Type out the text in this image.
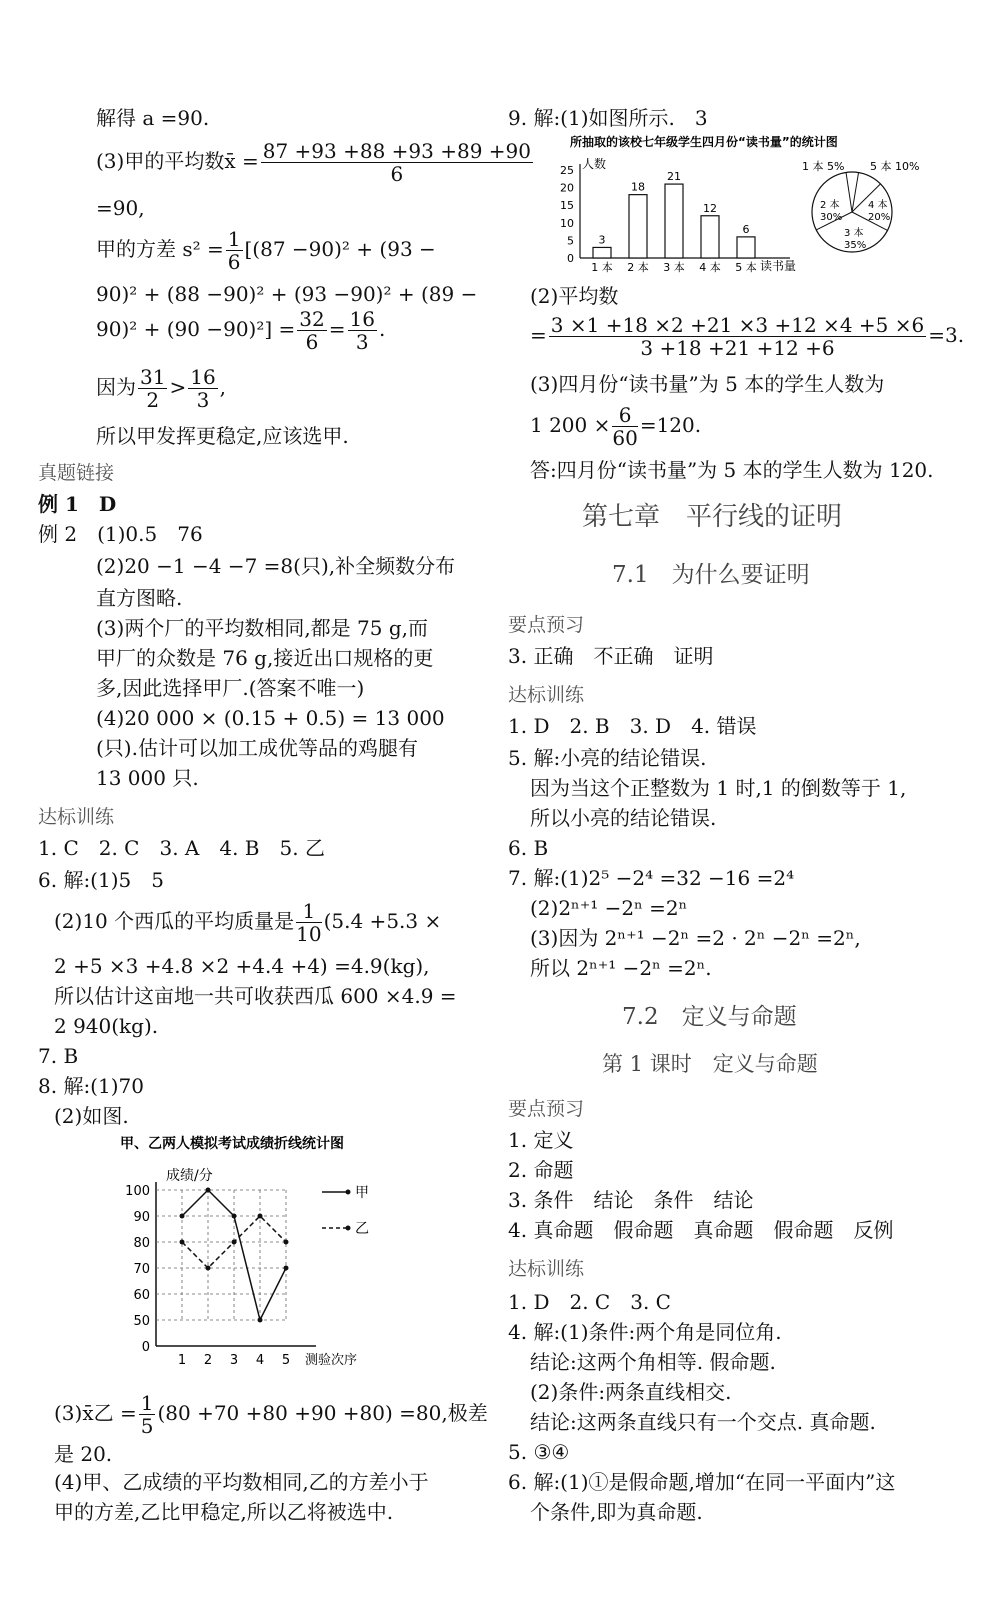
解得 a =90.
(3)甲的平均数x̄ = $\frac{87 +93 +88 +93 +89 +90}{6}$
=90,
甲的方差 $s^2 = \frac{1}{6} [(87 -90)^2 + (93$ −
90)² + (88 −90)² + (93 −90)² + (89 −
$90)^2 + (90 -90)^2] = \frac{32}{6} = \frac{16}{3}$ .
因为 $\frac{31}{2} > \frac{16}{3}$ ,
所以甲发挥更稳定,应该选甲.
真题链接
例 1　D
例 2　(1)0.5　76
(2)20 −1 −4 −7 =8(只),补全频数分布
直方图略.
(3)两个厂的平均数相同,都是 75 g,而
甲厂的众数是 76 g,接近出口规格的更
多,因此选择甲厂.(答案不唯一)
(4)20 000 × (0.15 + 0.5) = 13 000
(只).估计可以加工成优等品的鸡腿有
13 000 只.
达标训练
1. C　2. C　3. A　4. B　5. 乙
6. 解:(1)5　5
(2)10 个西瓜的平均质量是 $\frac{1}{10} (5.4 +5.3$ ×
2 +5 ×3 +4.8 ×2 +4.4 +4) =4.9(kg),
所以估计这亩地一共可收获西瓜 600 ×4.9 =
2 940(kg).
7. B
8. 解:(1)70
(2)如图.
甲、乙两人模拟考试成绩折线统计图
成绩/分
测验次序
0
50
60
70
80
90
100
1 2 3 4 5
甲
乙
(3)x̄乙 = $\frac{1}{5} (80 +70 +80 +90 +80) =80$,极差
是 20.
(4)甲、乙成绩的平均数相同,乙的方差小于
甲的方差,乙比甲稳定,所以乙将被选中.
9. 解:(1)如图所示.　3
所抽取的该校七年级学生四月份“读书量”的统计图
人数
读书量
0
5
10
15
20
25
3
1 本
18
2 本
21
3 本
12
4 本
6
5 本
1 本 5% 5 本 10%
2 本
30%
4 本
20%
3 本
35%
(2)平均数
= $\frac{3 \times 1 +18 \times 2 +21 \times 3 +12 \times 4 +5 \times 6}{3 +18 +21 +12 +6} =3$.
(3)四月份“读书量”为 5 本的学生人数为
1 $200 \times \frac{6}{60} =120$.
答:四月份“读书量”为 5 本的学生人数为 120.
第七章　平行线的证明
7.1　为什么要证明
要点预习
3. 正确　不正确　证明
达标训练
1. D　2. B　3. D　4. 错误
5. 解:小亮的结论错误.
因为当这个正整数为 1 时,1 的倒数等于 1,
所以小亮的结论错误.
6. B
7. 解:(1)2⁵ −2⁴ =32 −16 =2⁴
(2)2ⁿ⁺¹ −2ⁿ =2ⁿ
(3)因为 2ⁿ⁺¹ −2ⁿ =2 · 2ⁿ −2ⁿ =2ⁿ,
所以 2ⁿ⁺¹ −2ⁿ =2ⁿ.
7.2　定义与命题
第 1 课时　定义与命题
要点预习
1. 定义
2. 命题
3. 条件　结论　条件　结论
4. 真命题　假命题　真命题　假命题　反例
达标训练
1. D　2. C　3. C
4. 解:(1)条件:两个角是同位角.
结论:这两个角相等. 假命题.
(2)条件:两条直线相交.
结论:这两条直线只有一个交点. 真命题.
5. ③④
6. 解:(1)①是假命题,增加“在同一平面内”这
个条件,即为真命题.
